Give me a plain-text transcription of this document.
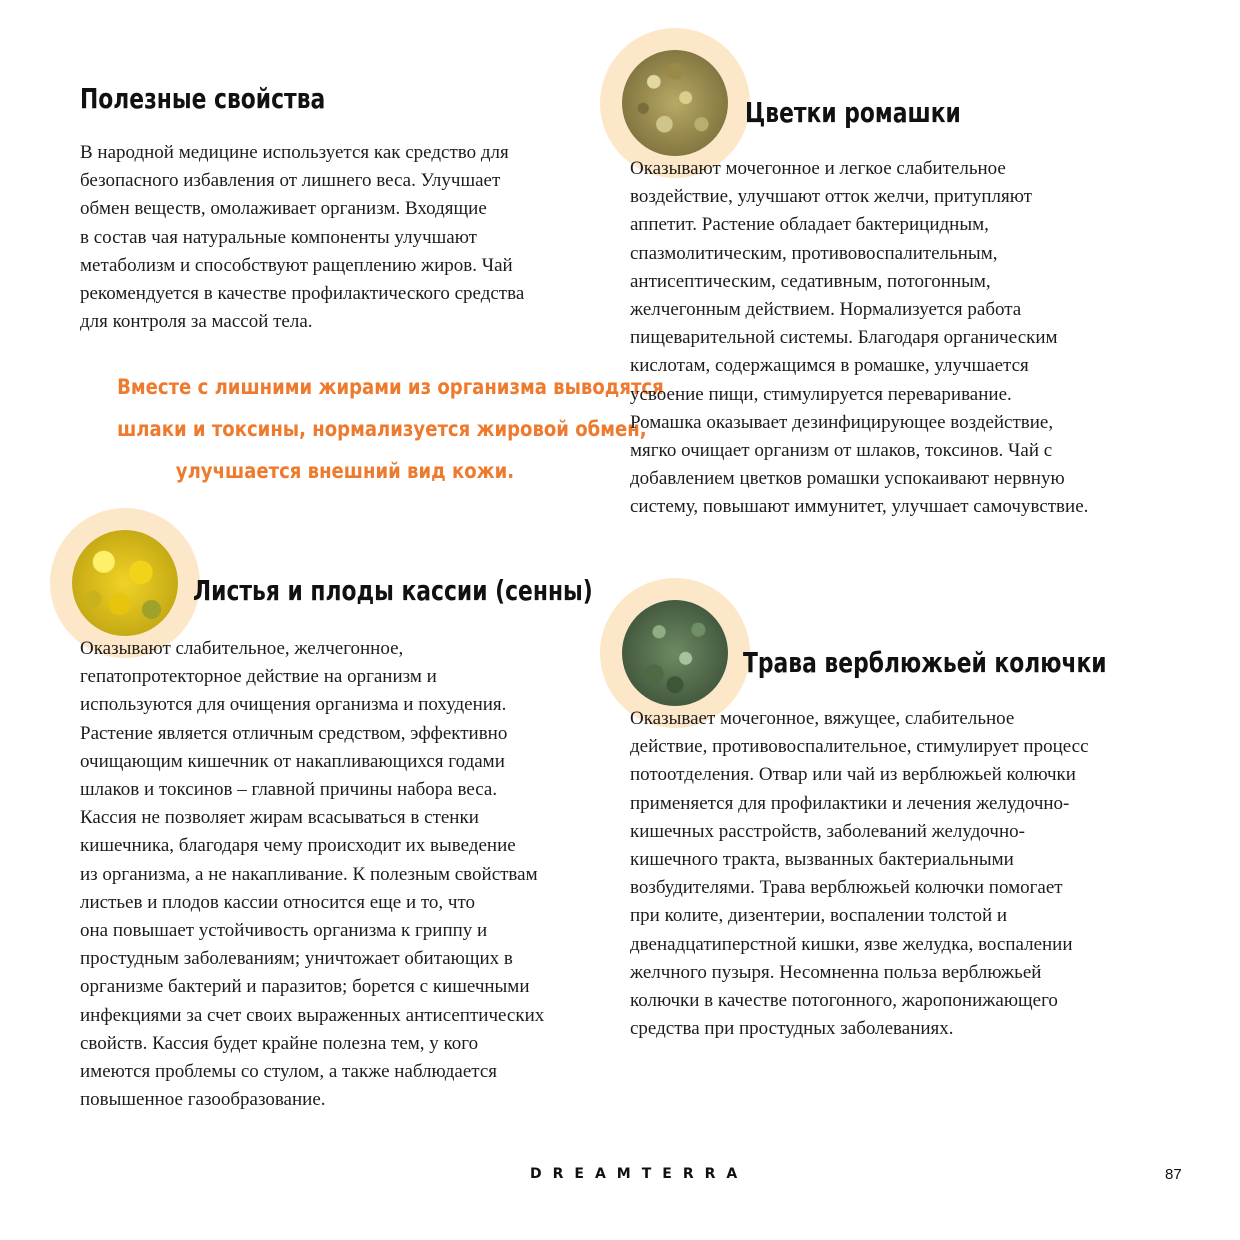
Полезные свойства
В народной медицине используется как средство для
безопасного избавления от лишнего веса. Улучшает
обмен веществ, омолаживает организм. Входящие
в состав чая натуральные компоненты улучшают
метаболизм и способствуют ращеплению жиров. Чай
рекомендуется в качестве профилактического средства
для контроля за массой тела.
Вместе с лишними жирами из организма выводятся
шлаки и токсины, нормализуется жировой обмен,
улучшается внешний вид кожи.
Цветки ромашки
Оказывают мочегонное и легкое слабительное
воздействие, улучшают отток желчи, притупляют
аппетит. Растение обладает бактерицидным,
спазмолитическим, противовоспалительным,
антисептическим, седативным, потогонным,
желчегонным действием. Нормализуется работа
пищеварительной системы. Благодаря органическим
кислотам, содержащимся в ромашке, улучшается
усвоение пищи, стимулируется переваривание.
Ромашка оказывает дезинфицирующее воздействие,
мягко очищает организм от шлаков, токсинов. Чай с
добавлением цветков ромашки успокаивают нервную
систему, повышают иммунитет, улучшает самочувствие.
Листья и плоды кассии (сенны)
Оказывают слабительное, желчегонное,
гепатопротекторное действие на организм и
используются для очищения организма и похудения.
Растение является отличным средством, эффективно
очищающим кишечник от накапливающихся годами
шлаков и токсинов – главной причины набора веса.
Кассия не позволяет жирам всасываться в стенки
кишечника, благодаря чему происходит их выведение
из организма, а не накапливание. К полезным свойствам
листьев и плодов кассии относится еще и то, что
она повышает устойчивость организма к гриппу и
простудным заболеваниям; уничтожает обитающих в
организме бактерий и паразитов; борется с кишечными
инфекциями за счет своих выраженных антисептических
свойств. Кассия будет крайне полезна тем, у кого
имеются проблемы со стулом, а также наблюдается
повышенное газообразование.
Трава верблюжьей колючки
Оказывает мочегонное, вяжущее, слабительное
действие, противовоспалительное, стимулирует процесс
потоотделения. Отвар или чай из верблюжьей колючки
применяется для профилактики и лечения желудочно-
кишечных расстройств, заболеваний желудочно-
кишечного тракта, вызванных бактериальными
возбудителями. Трава верблюжьей колючки помогает
при колите, дизентерии, воспалении толстой и
двенадцатиперстной кишки, язве желудка, воспалении
желчного пузыря. Несомненна польза верблюжьей
колючки в качестве потогонного, жаропонижающего
средства при простудных заболеваниях.
DREAMTERRA	87
